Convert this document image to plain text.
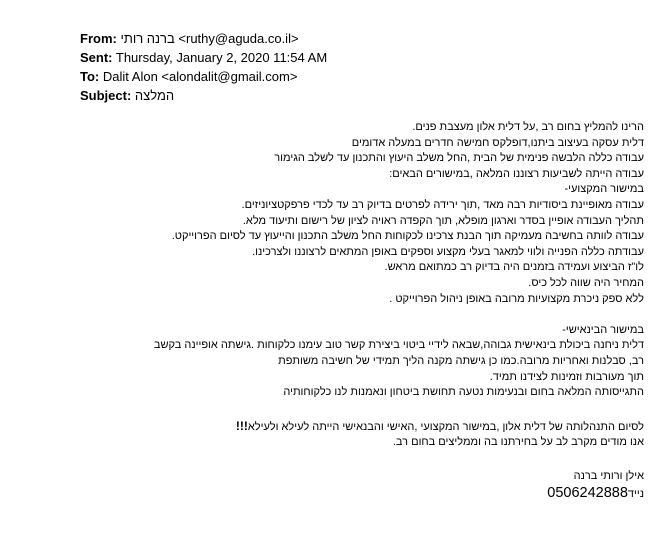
From: ברנה רותי <ruthy@aguda.co.il>
Sent: Thursday, January 2, 2020 11:54 AM
To: Dalit Alon <alondalit@gmail.com>
Subject: המלצה

הרינו להמליץ בחום רב ,על דלית אלון מעצבת פנים.

דלית עסקה בעיצוב ביתנו,דופלקס חמישה חדרים במעלה אדומים

עבודה כללה הלבשה פנימית של הבית ,החל משלב היעוץ והתכנון עד לשלב הגימור

עבודה הייתה לשביעות רצוננו המלאה ,במישורים הבאים:

במישור המקצועי-

עבודה מאופיינת ביסודיות רבה מאד ,תוך ירידה לפרטים בדיוק רב עד לכדי פרפקטציוניזים.

תהליך העבודה אופיין בסדר וארגון מופלא, תוך הקפדה ראויה לציון של רישום ותיעוד מלא.

עבודה לוותה בחשיבה מעמיקה תוך הבנת צרכינו לכקוחות החל משלב התכנון והייעוץ עד לסיום הפרוייקט.

עבודתה כללה הפנייה ולווי למאגר בעלי מקצוע וספקים באופן המתאים לרצוננו ולצרכינו.

לו"ז הביצוע ועמידה בזמנים היה בדיוק רב כמתואם מראש.

המחיר היה שווה לכל כיס.

ללא ספק ניכרת מקצועיות מרובה באופן ניהול הפרוייקט .

במישור הבינאישי-

דלית ניחנה ביכולת בינאישית גבוהה,שבאה לידיי ביטוי ביצירת קשר טוב עימנו כלקוחות .גישתה אופיינה בקשב

רב, סבלנות ואחריות מרובה.כמו כן גישתה מקנה הליך תמידי של חשיבה משותפת

תוך מעורבות וזמינות לצידנו תמיד.

התגייסותה המלאה בחום ובנעימות נטעה תחושת ביטחון ונאמנות לנו כלקוחותיה

לסיום התנהלותה של דלית אלון ,במישור המקצועי ,האישי והבנאישי הייתה לעילא ולעילא!!!

אנו מודים מקרב לב על בחירתנו בה וממליצים בחום רב.

אילן ורותי ברנה

נייד0506242888
